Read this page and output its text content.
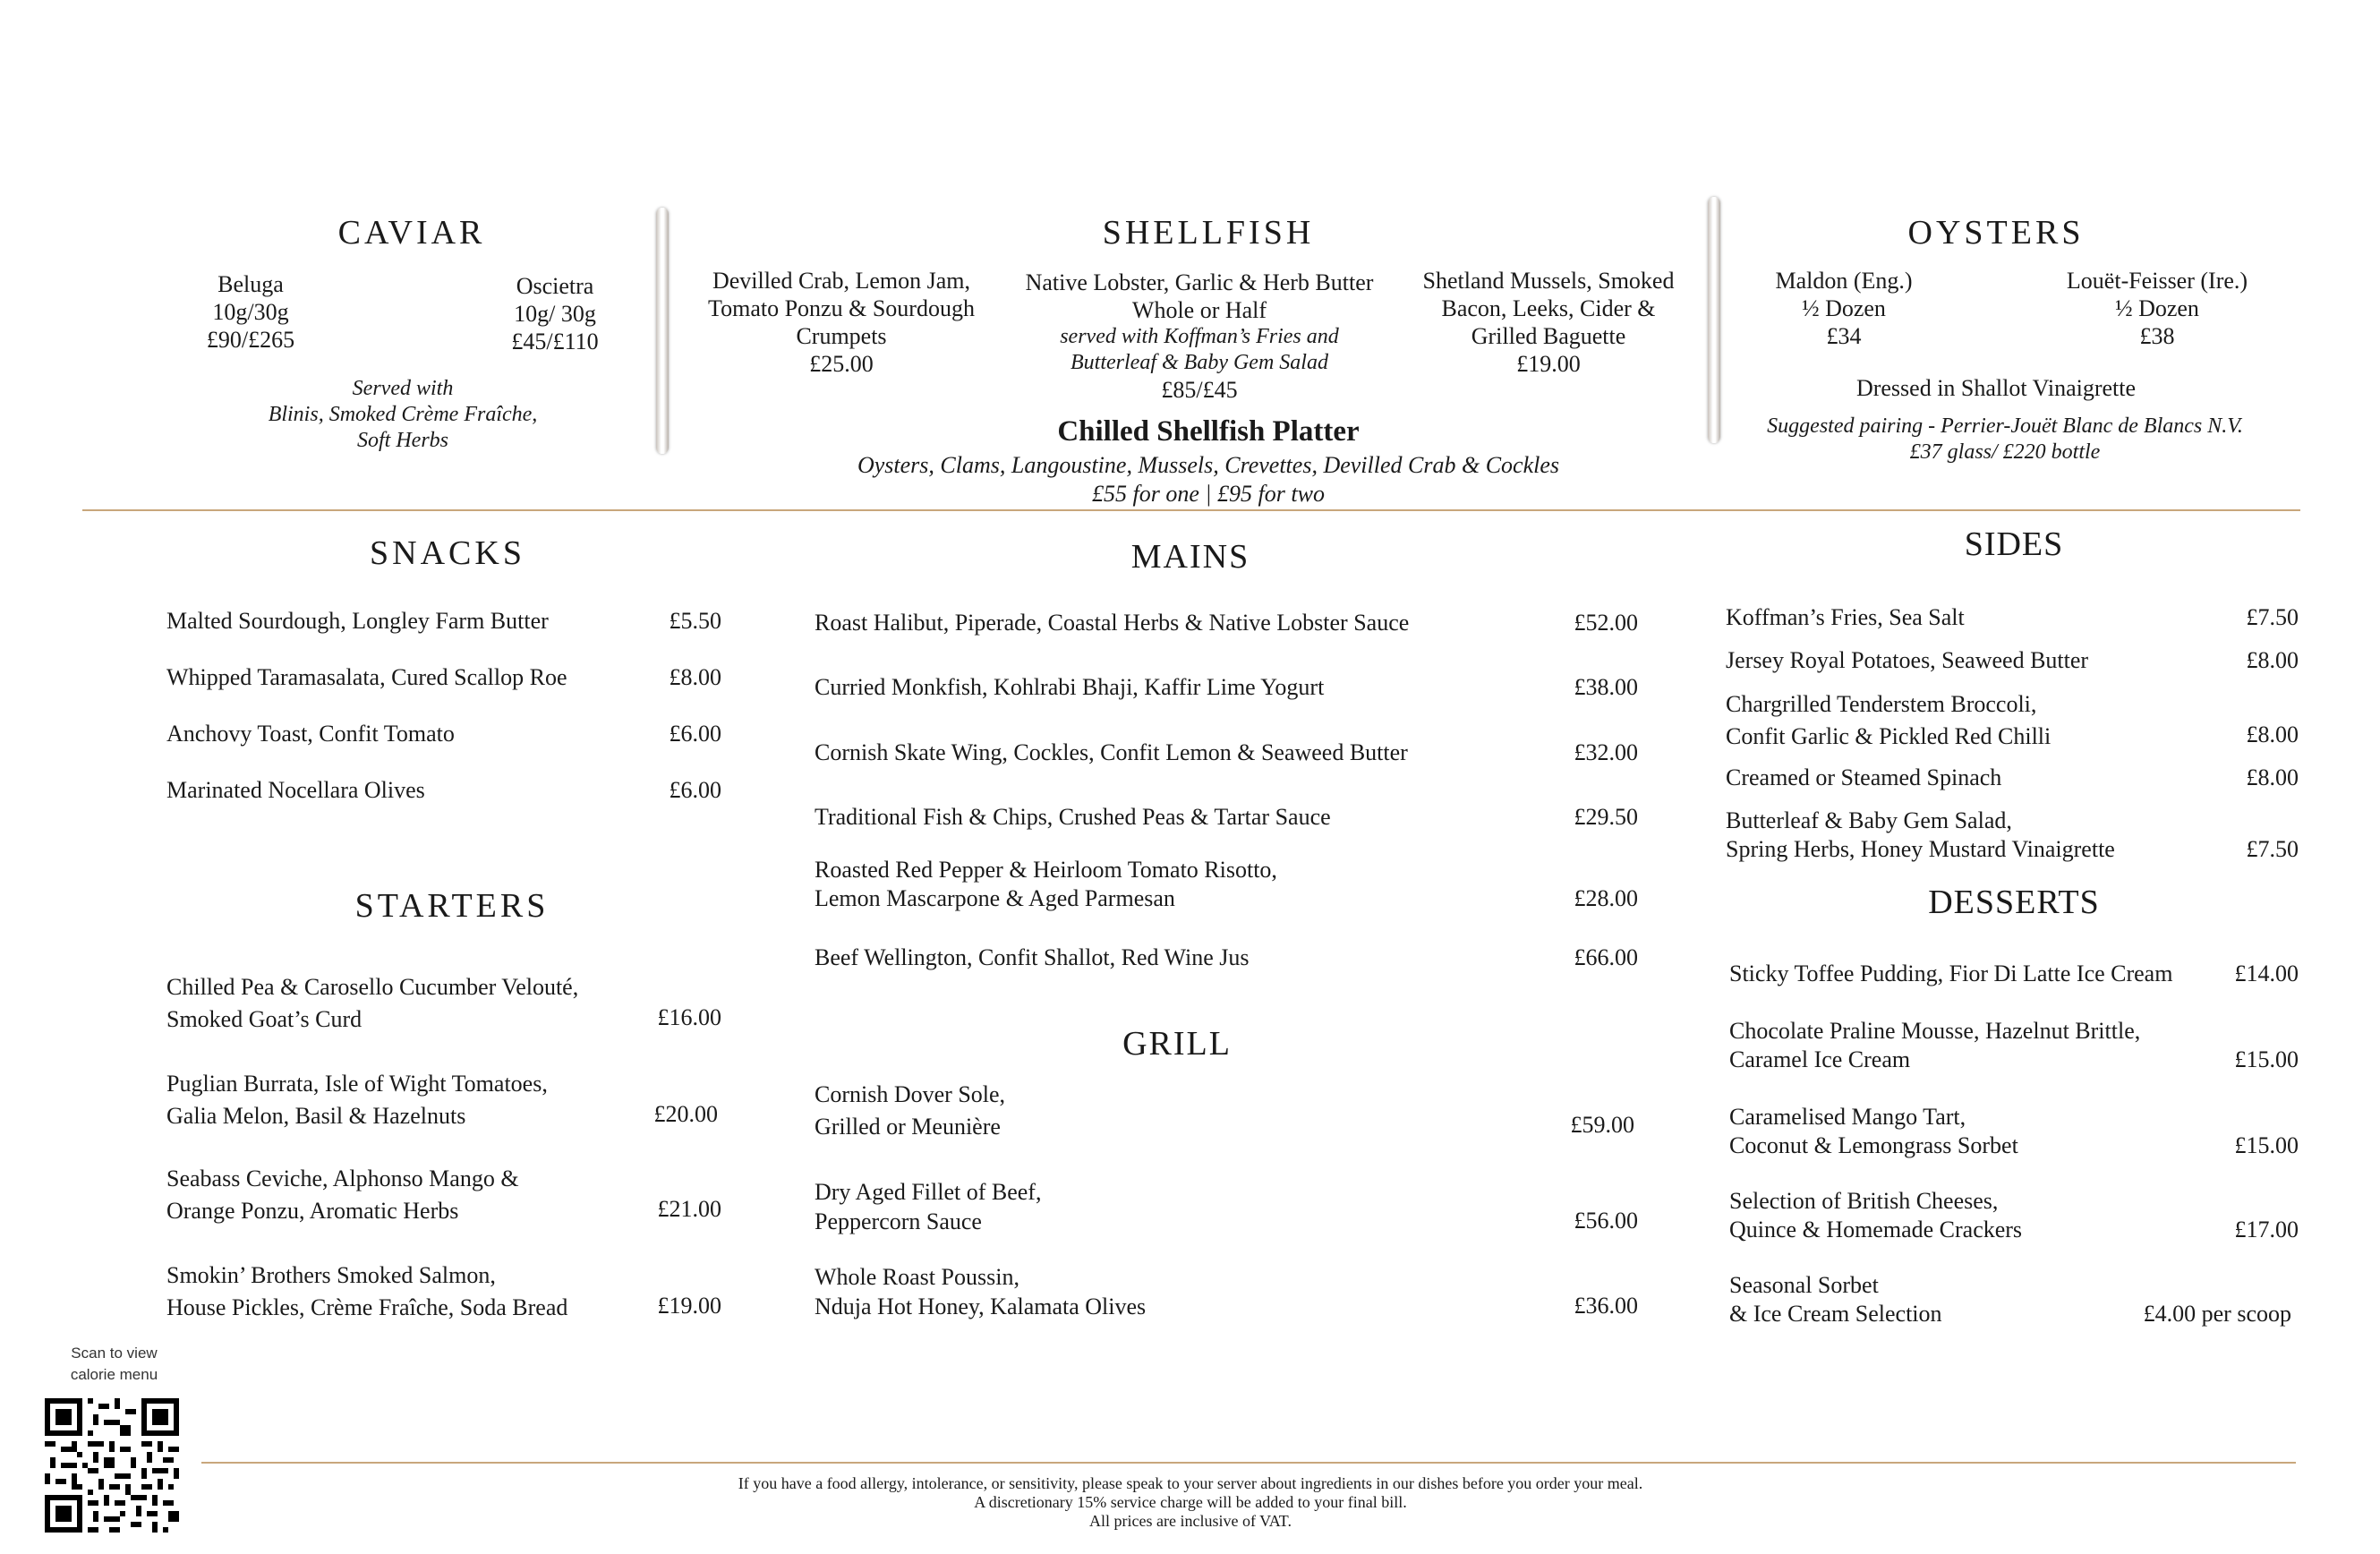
CAVIAR
Beluga
10g/30g
£90/£265
Oscietra
10g/ 30g
£45/£110
Served with
Blinis, Smoked Crème Fraîche,
Soft Herbs
SHELLFISH
Devilled Crab, Lemon Jam,
Tomato Ponzu & Sourdough
Crumpets
£25.00
Native Lobster, Garlic & Herb Butter
Whole or Half
served with Koffman’s Fries and
Butterleaf & Baby Gem Salad
£85/£45
Shetland Mussels, Smoked
Bacon, Leeks, Cider &
Grilled Baguette
£19.00
Chilled Shellfish Platter
Oysters, Clams, Langoustine, Mussels, Crevettes, Devilled Crab & Cockles
£55 for one | £95 for two
OYSTERS
Maldon (Eng.)
½ Dozen
£34
Louët-Feisser (Ire.)
½ Dozen
£38
Dressed in Shallot Vinaigrette
Suggested pairing - Perrier-Jouët Blanc de Blancs N.V.
£37 glass/ £220 bottle
SNACKS
Malted Sourdough, Longley Farm Butter	£5.50
Whipped Taramasalata, Cured Scallop Roe	£8.00
Anchovy Toast, Confit Tomato	£6.00
Marinated Nocellara Olives	£6.00
STARTERS
Chilled Pea & Carosello Cucumber Velouté,
Smoked Goat’s Curd	£16.00
Puglian Burrata, Isle of Wight Tomatoes,
Galia Melon, Basil & Hazelnuts	£20.00
Seabass Ceviche, Alphonso Mango &
Orange Ponzu, Aromatic Herbs	£21.00
Smokin’ Brothers Smoked Salmon,
House Pickles, Crème Fraîche, Soda Bread	£19.00
MAINS
Roast Halibut, Piperade, Coastal Herbs & Native Lobster Sauce	£52.00
Curried Monkfish, Kohlrabi Bhaji, Kaffir Lime Yogurt	£38.00
Cornish Skate Wing, Cockles, Confit Lemon & Seaweed Butter	£32.00
Traditional Fish & Chips, Crushed Peas & Tartar Sauce	£29.50
Roasted Red Pepper & Heirloom Tomato Risotto,
Lemon Mascarpone & Aged Parmesan	£28.00
Beef Wellington, Confit Shallot, Red Wine Jus	£66.00
GRILL
Cornish Dover Sole,
Grilled or Meunière	£59.00
Dry Aged Fillet of Beef,
Peppercorn Sauce	£56.00
Whole Roast Poussin,
Nduja Hot Honey, Kalamata Olives	£36.00
SIDES
Koffman’s Fries, Sea Salt	£7.50
Jersey Royal Potatoes, Seaweed Butter	£8.00
Chargrilled Tenderstem Broccoli,
Confit Garlic & Pickled Red Chilli	£8.00
Creamed or Steamed Spinach	£8.00
Butterleaf & Baby Gem Salad,
Spring Herbs, Honey Mustard Vinaigrette	£7.50
DESSERTS
Sticky Toffee Pudding, Fior Di Latte Ice Cream	£14.00
Chocolate Praline Mousse, Hazelnut Brittle,
Caramel Ice Cream	£15.00
Caramelised Mango Tart,
Coconut & Lemongrass Sorbet	£15.00
Selection of British Cheeses,
Quince & Homemade Crackers	£17.00
Seasonal Sorbet
& Ice Cream Selection	£4.00 per scoop
Scan to view
calorie menu
If you have a food allergy, intolerance, or sensitivity, please speak to your server about ingredients in our dishes before you order your meal.
A discretionary 15% service charge will be added to your final bill.
All prices are inclusive of VAT.
